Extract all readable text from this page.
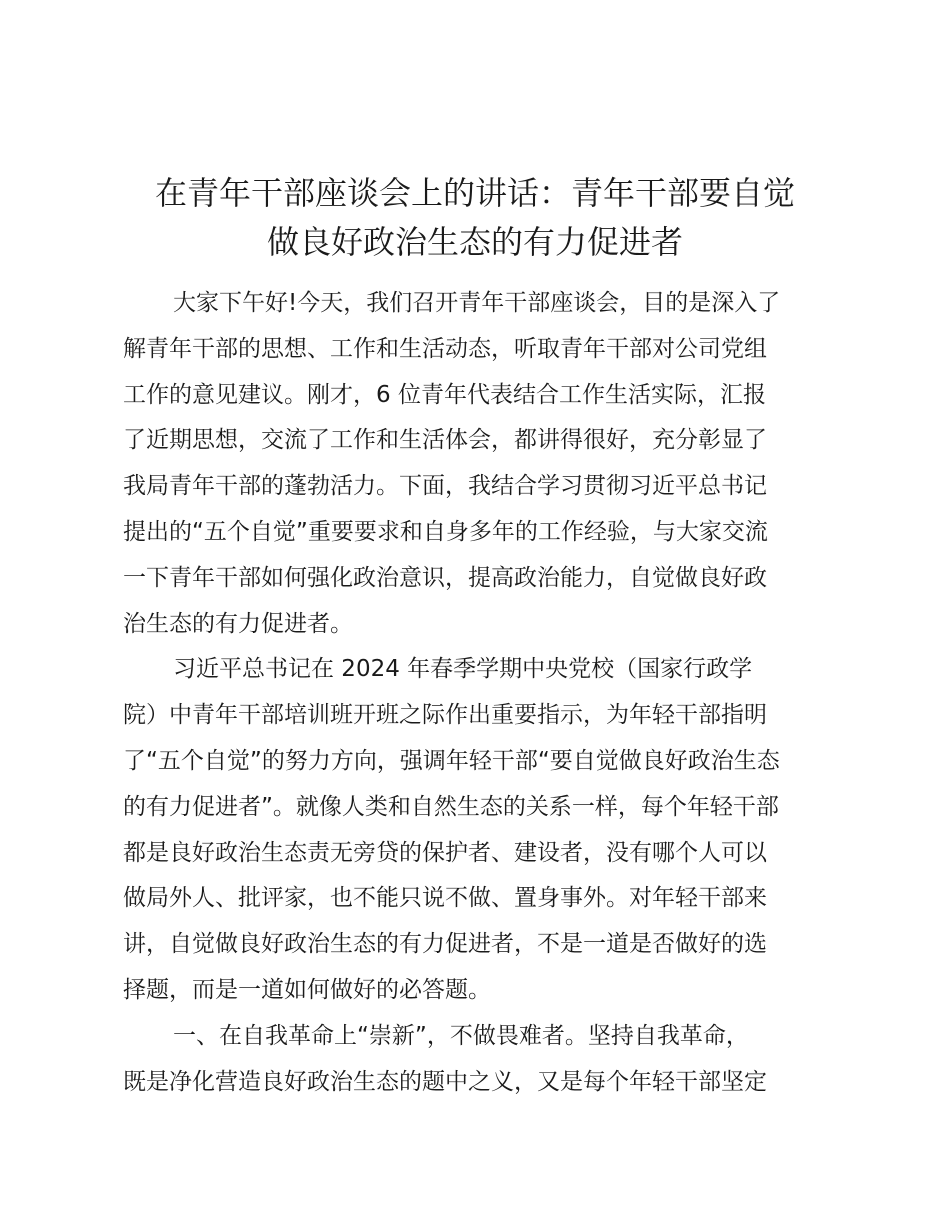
在青年干部座谈会上的讲话：青年干部要自觉
做良好政治生态的有力促进者
大家下午好!今天，我们召开青年干部座谈会，目的是深入了
解青年干部的思想、工作和生活动态，听取青年干部对公司党组
工作的意见建议。刚才，6 位青年代表结合工作生活实际，汇报
了近期思想，交流了工作和生活体会，都讲得很好，充分彰显了
我局青年干部的蓬勃活力。下面，我结合学习贯彻习近平总书记
提出的“五个自觉”重要要求和自身多年的工作经验，与大家交流
一下青年干部如何强化政治意识，提高政治能力，自觉做良好政
治生态的有力促进者。
习近平总书记在 2024 年春季学期中央党校（国家行政学
院）中青年干部培训班开班之际作出重要指示，为年轻干部指明
了“五个自觉”的努力方向，强调年轻干部“要自觉做良好政治生态
的有力促进者”。就像人类和自然生态的关系一样，每个年轻干部
都是良好政治生态责无旁贷的保护者、建设者，没有哪个人可以
做局外人、批评家，也不能只说不做、置身事外。对年轻干部来
讲，自觉做良好政治生态的有力促进者，不是一道是否做好的选
择题，而是一道如何做好的必答题。
一、在自我革命上“崇新”，不做畏难者。坚持自我革命，
既是净化营造良好政治生态的题中之义，又是每个年轻干部坚定
